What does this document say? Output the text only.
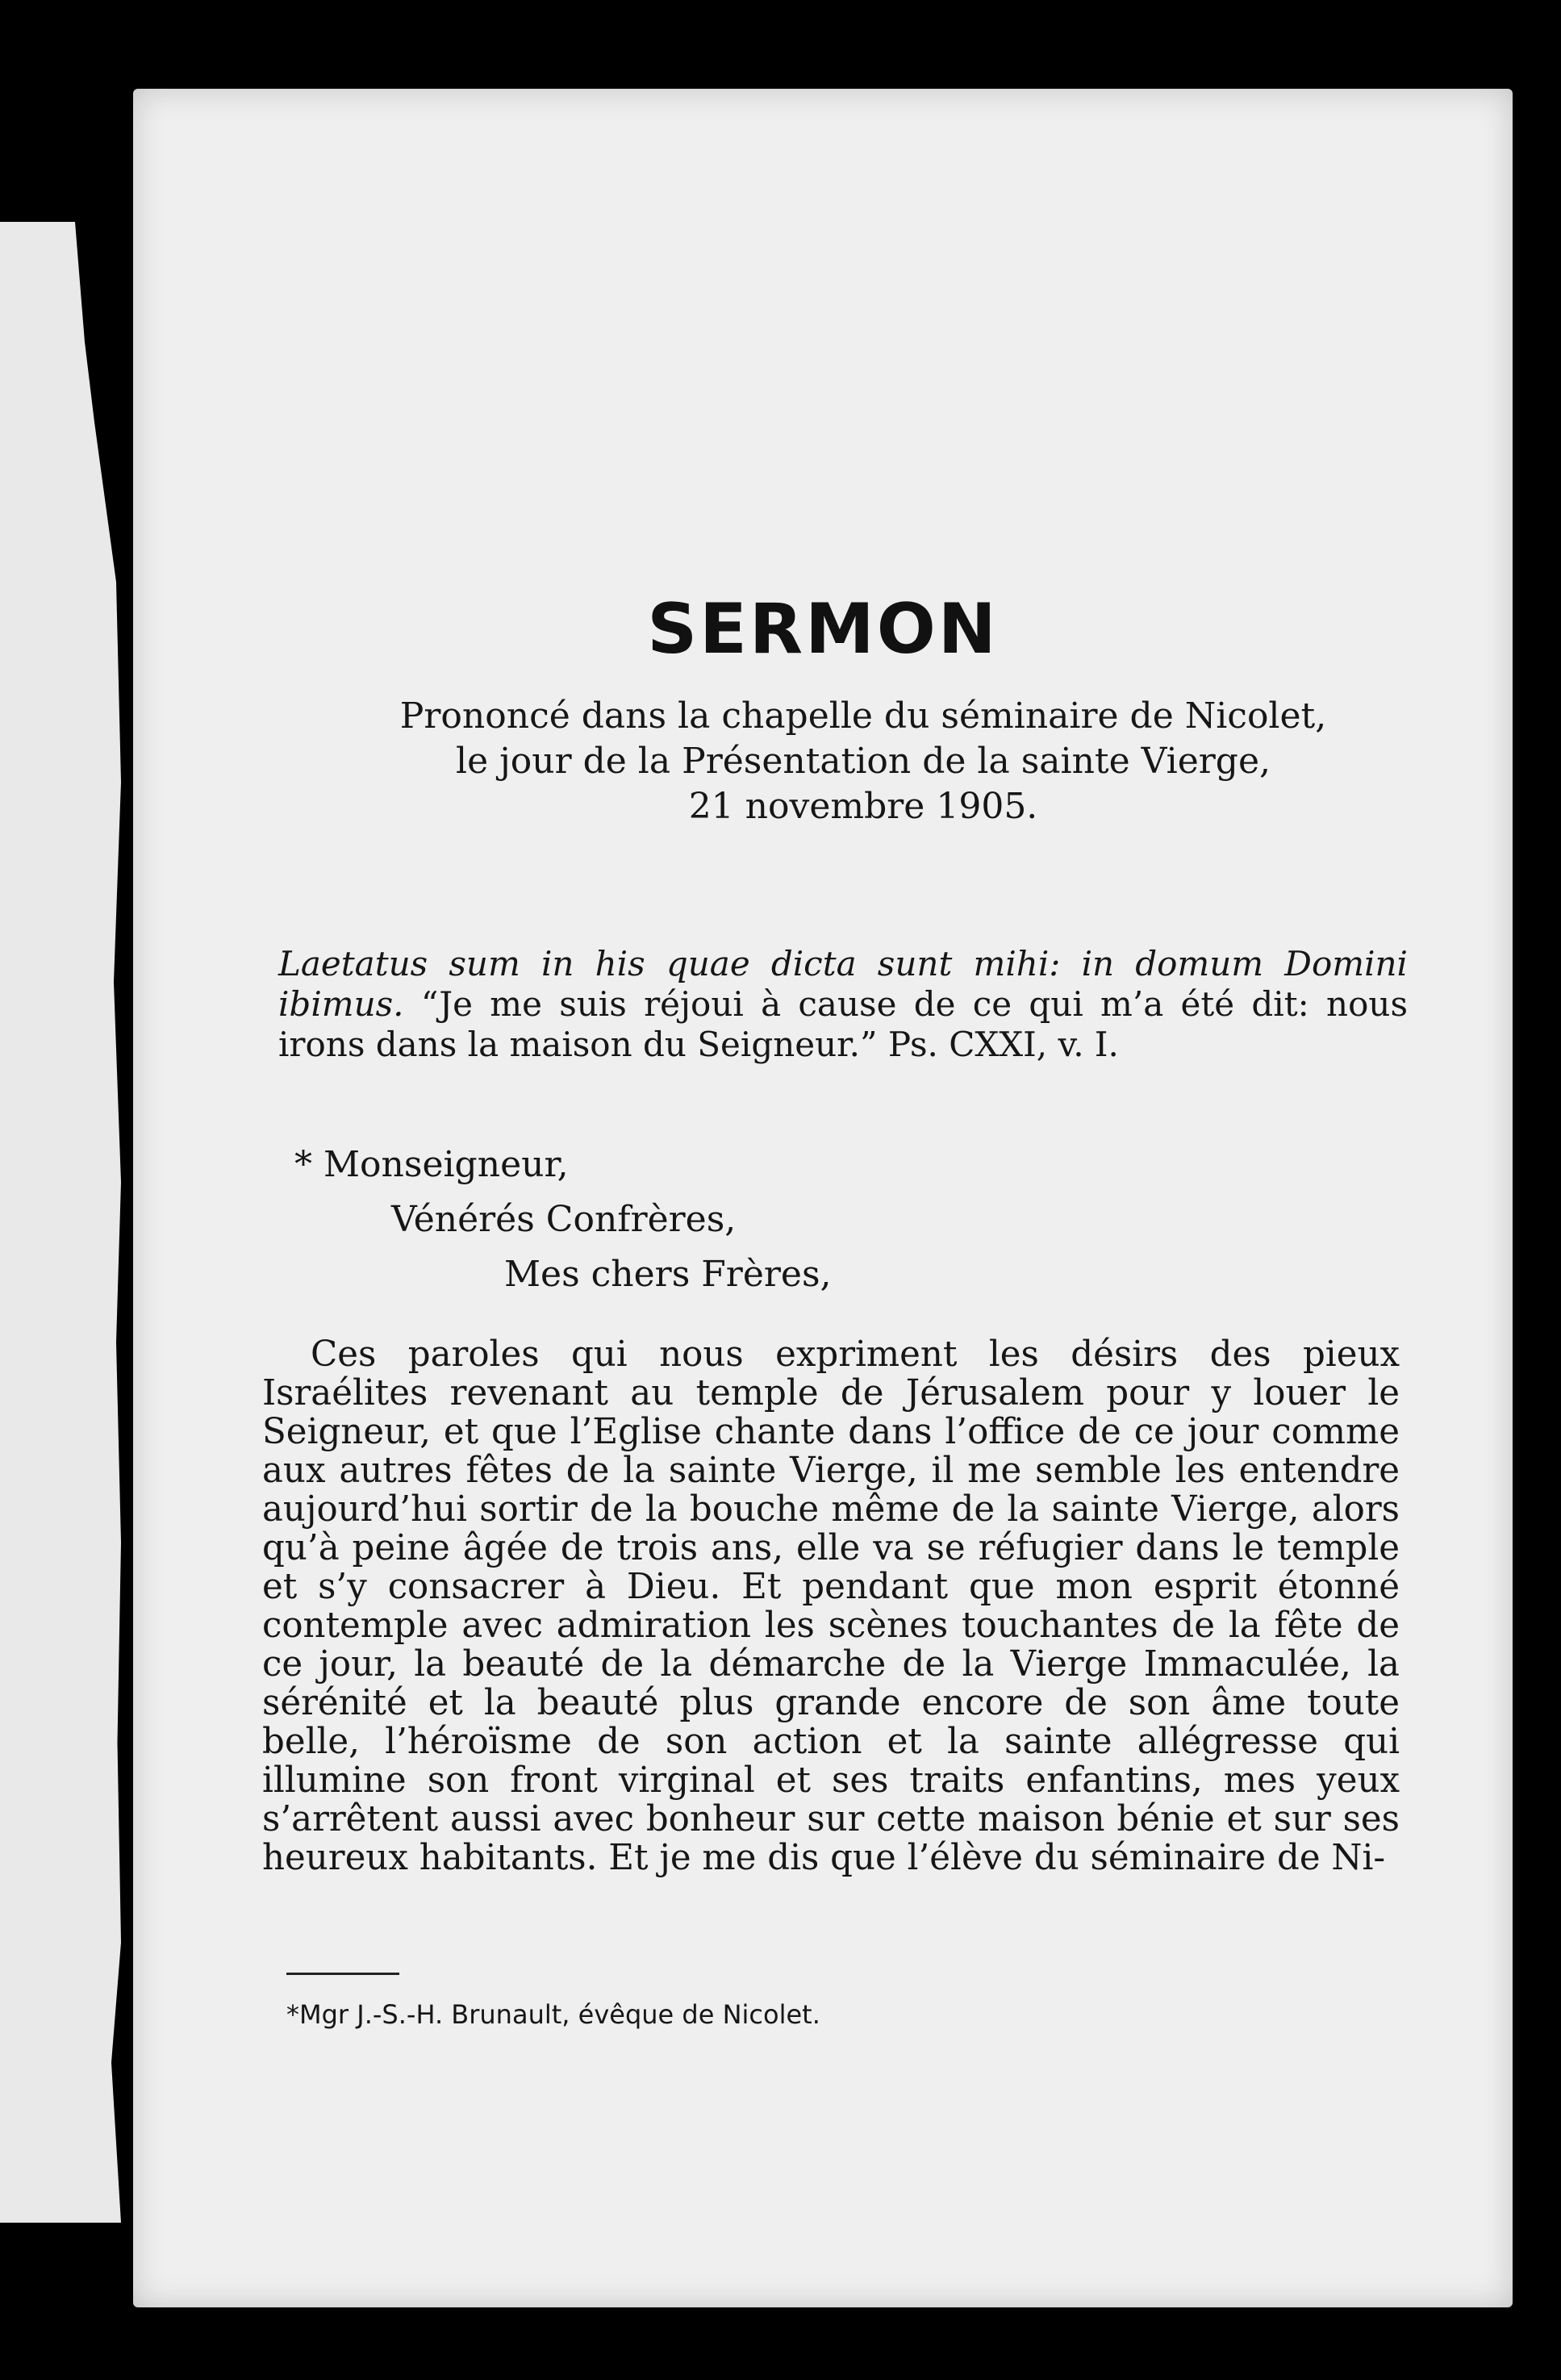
SERMON
Prononcé dans la chapelle du séminaire de Nicolet,
le jour de la Présentation de la sainte Vierge,
21 novembre 1905.
Laetatus sum in his quae dicta sunt mihi: in domum Domini ibimus. “Je me suis réjoui à cause de ce qui m’a été dit: nous irons dans la maison du Seigneur.” Ps. CXXI, v. I.
* Monseigneur,
Vénérés Confrères,
Mes chers Frères,
Ces paroles qui nous expriment les désirs des pieux Israélites revenant au temple de Jérusalem pour y louer le Seigneur, et que l’Eglise chante dans l’office de ce jour comme aux autres fêtes de la sainte Vierge, il me semble les entendre aujourd’hui sortir de la bouche même de la sainte Vierge, alors qu’à peine âgée de trois ans, elle va se réfugier dans le temple et s’y consacrer à Dieu. Et pendant que mon esprit étonné contemple avec admiration les scènes touchantes de la fête de ce jour, la beauté de la démarche de la Vierge Immaculée, la sérénité et la beauté plus grande encore de son âme toute belle, l’héroïsme de son action et la sainte allégresse qui illumine son front virginal et ses traits enfantins, mes yeux s’arrêtent aussi avec bonheur sur cette maison bénie et sur ses heureux habitants. Et je me dis que l’élève du séminaire de Ni-
*Mgr J.-S.-H. Brunault, évêque de Nicolet.
